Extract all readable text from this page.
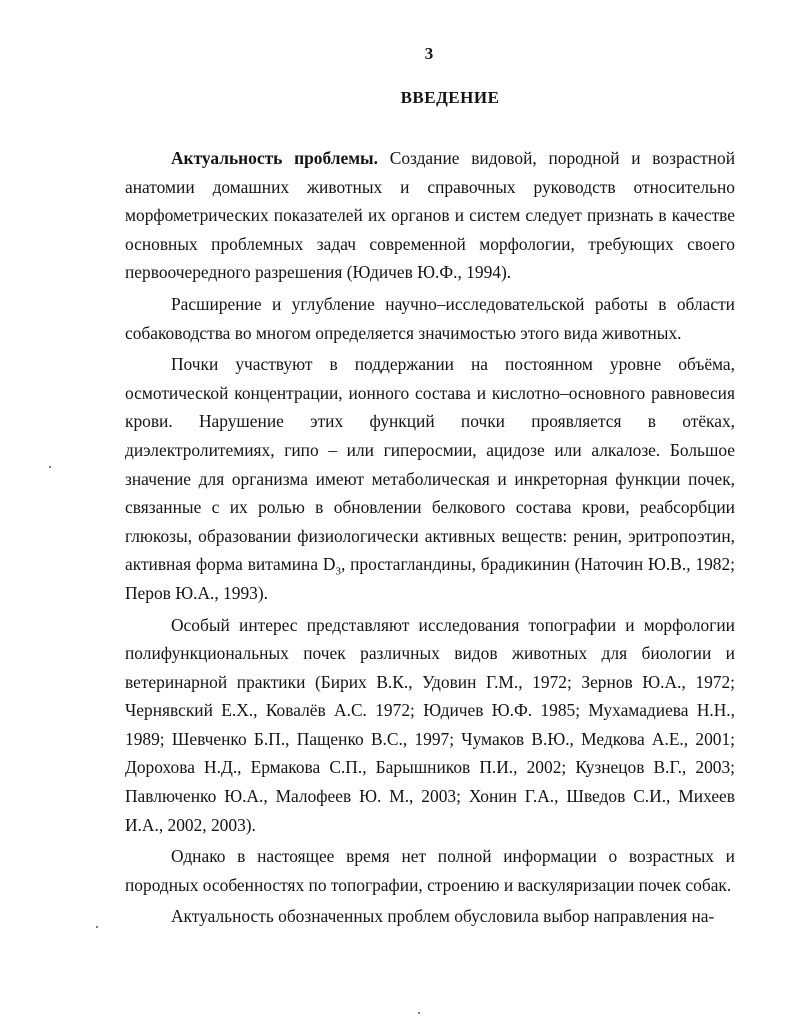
3
ВВЕДЕНИЕ

Актуальность проблемы. Создание видовой, породной и возрастной анатомии домашних животных и справочных руководств относительно морфометрических показателей их органов и систем следует признать в качестве основных проблемных задач современной морфологии, требующих своего первоочередного разрешения (Юдичев Ю.Ф., 1994).

Расширение и углубление научно–исследовательской работы в области собаководства во многом определяется значимостью этого вида животных.

Почки участвуют в поддержании на постоянном уровне объёма, осмотической концентрации, ионного состава и кислотно–основного равновесия крови. Нарушение этих функций почки проявляется в отёках, диэлектролитемиях, гипо – или гиперосмии, ацидозе или алкалозе. Большое значение для организма имеют метаболическая и инкреторная функции почек, связанные с их ролью в обновлении белкового состава крови, реабсорбции глюкозы, образовании физиологически активных веществ: ренин, эритропоэтин, активная форма витамина $D_3$, простагландины, брадикинин (Наточин Ю.В., 1982; Перов Ю.А., 1993).

Особый интерес представляют исследования топографии и морфологии полифункциональных почек различных видов животных для биологии и ветеринарной практики (Бирих В.К., Удовин Г.М., 1972; Зернов Ю.А., 1972; Чернявский Е.Х., Ковалёв А.С. 1972; Юдичев Ю.Ф. 1985; Мухамадиева Н.Н., 1989; Шевченко Б.П., Пащенко В.С., 1997; Чумаков В.Ю., Медкова А.Е., 2001; Дорохова Н.Д., Ермакова С.П., Барышников П.И., 2002; Кузнецов В.Г., 2003; Павлюченко Ю.А., Малофеев Ю. М., 2003; Хонин Г.А., Шведов С.И., Михеев И.А., 2002, 2003).

Однако в настоящее время нет полной информации о возрастных и породных особенностях по топографии, строению и васкуляризации почек собак.

Актуальность обозначенных проблем обусловила выбор направления на-
